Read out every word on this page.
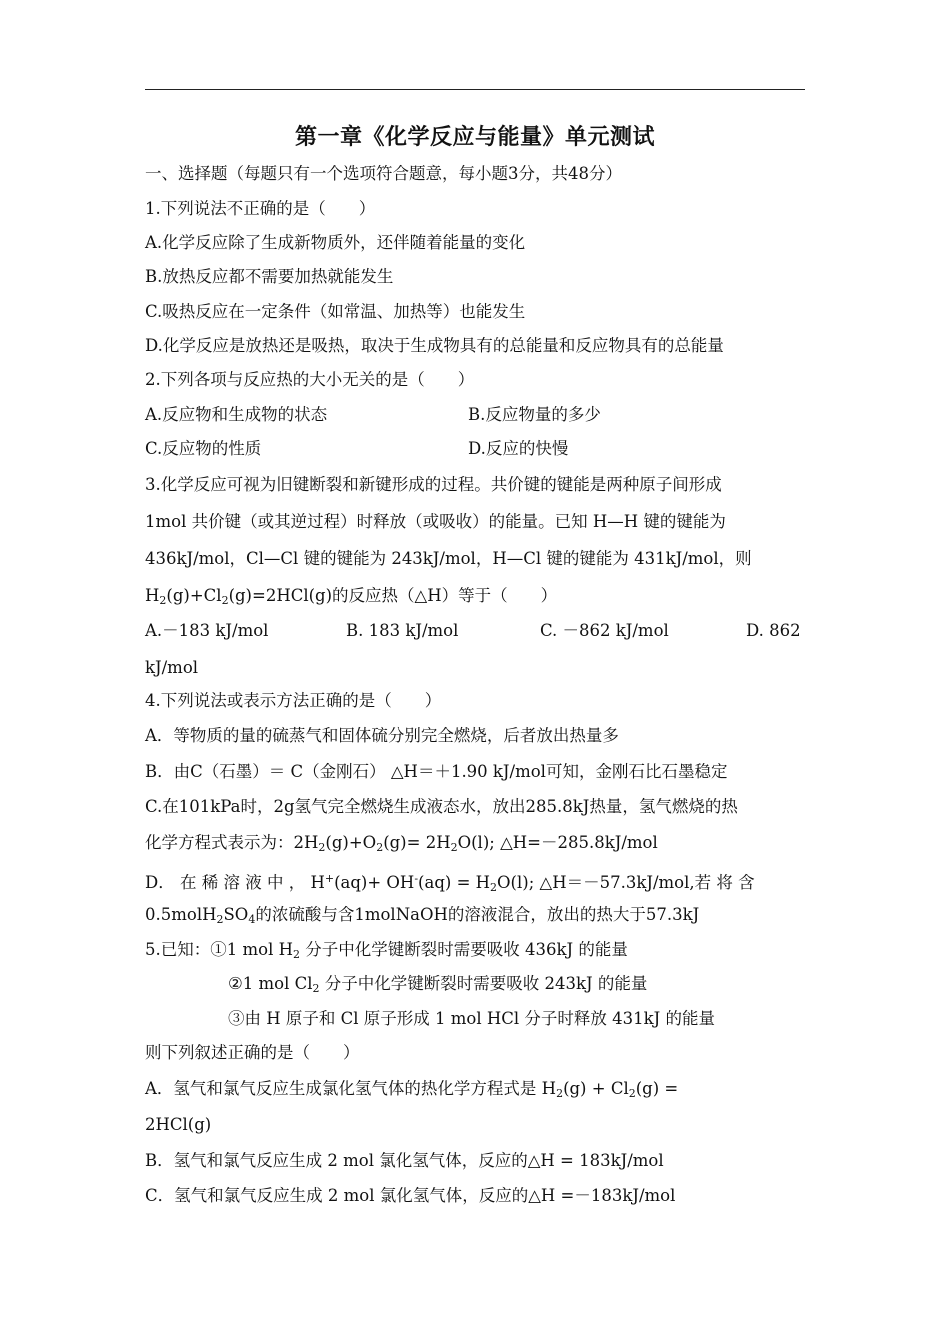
第一章《化学反应与能量》单元测试
一、选择题（每题只有一个选项符合题意，每小题3分，共48分）
1.下列说法不正确的是（　　）
A.化学反应除了生成新物质外，还伴随着能量的变化
B.放热反应都不需要加热就能发生
C.吸热反应在一定条件（如常温、加热等）也能发生
D.化学反应是放热还是吸热，取决于生成物具有的总能量和反应物具有的总能量
2.下列各项与反应热的大小无关的是（　　）
A.反应物和生成物的状态	B.反应物量的多少
C.反应物的性质	D.反应的快慢
3.化学反应可视为旧键断裂和新键形成的过程。共价键的键能是两种原子间形成
1mol 共价键（或其逆过程）时释放（或吸收）的能量。已知 H—H 键的键能为
436kJ/mol，Cl—Cl 键的键能为 243kJ/mol，H—Cl 键的键能为 431kJ/mol，则
$H_2(g)+Cl_2(g)=2HCl(g)$的反应热（△H）等于（　　）
A.－183 kJ/mol	B. 183 kJ/mol	C. －862 kJ/mol	D. 862
kJ/mol
4.下列说法或表示方法正确的是（　　）
A．等物质的量的硫蒸气和固体硫分别完全燃烧，后者放出热量多
B．由C（石墨）＝ C（金刚石） △H＝＋1.90 kJ/mol可知，金刚石比石墨稳定
C.在101kPa时，2g氢气完全燃烧生成液态水，放出285.8kJ热量，氢气燃烧的热
化学方程式表示为：$2H_2(g)+O_2(g)= 2H_2O(l)$; △H=－285.8kJ/mol
D． 在 稀 溶 液 中 ， $H^+(aq)+ OH^-(aq) = H_2O(l)$; △H＝－57.3kJ/mol,若 将 含
$0.5molH_2SO_4$的浓硫酸与含1molNaOH的溶液混合，放出的热大于57.3kJ
5.已知：①1 mol $H_2$ 分子中化学键断裂时需要吸收 436kJ 的能量
②1 mol $Cl_2$ 分子中化学键断裂时需要吸收 243kJ 的能量
③由 H 原子和 Cl 原子形成 1 mol HCl 分子时释放 431kJ 的能量
则下列叙述正确的是（　　）
A．氢气和氯气反应生成氯化氢气体的热化学方程式是 $H_2(g) + Cl_2(g)$ =
2HCl(g)
B．氢气和氯气反应生成 2 mol 氯化氢气体，反应的△H = 183kJ/mol
C．氢气和氯气反应生成 2 mol 氯化氢气体，反应的△H =－183kJ/mol
